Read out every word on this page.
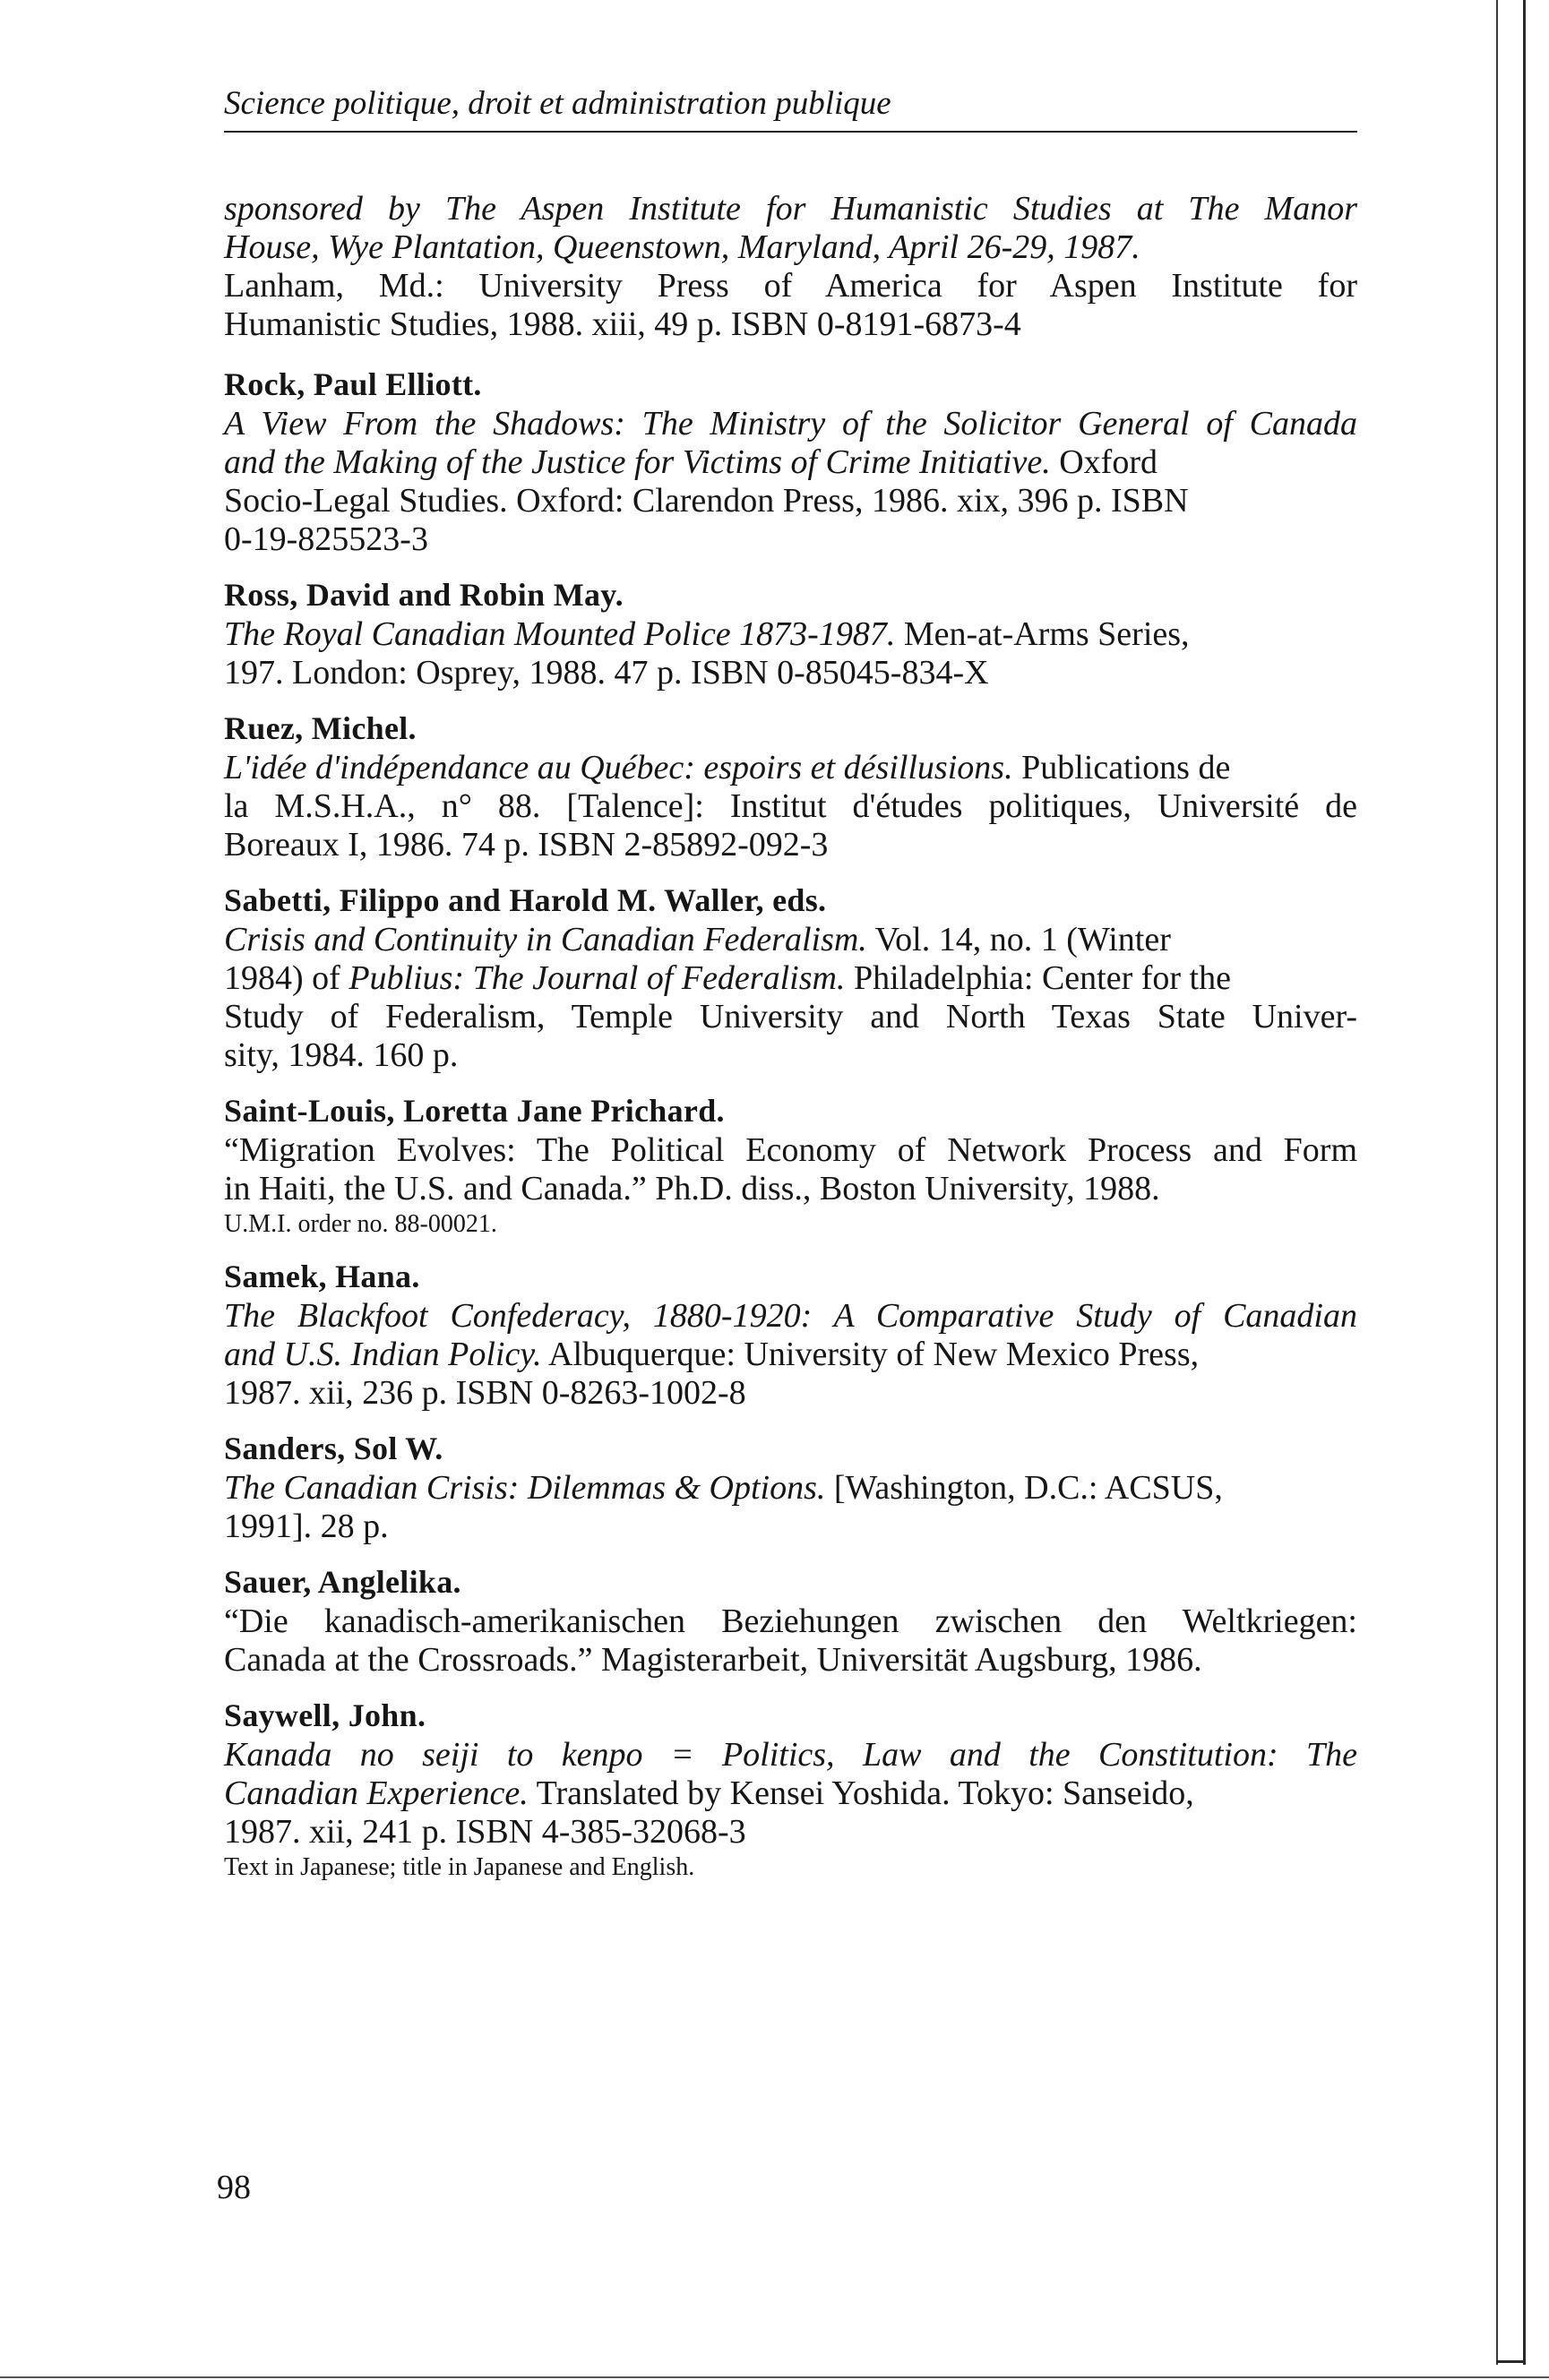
Science politique, droit et administration publique
sponsored by The Aspen Institute for Humanistic Studies at The Manor
House, Wye Plantation, Queenstown, Maryland, April 26-29, 1987.
Lanham, Md.: University Press of America for Aspen Institute for
Humanistic Studies, 1988. xiii, 49 p. ISBN 0-8191-6873-4
Rock, Paul Elliott.
A View From the Shadows: The Ministry of the Solicitor General of Canada
and the Making of the Justice for Victims of Crime Initiative. Oxford
Socio-Legal Studies. Oxford: Clarendon Press, 1986. xix, 396 p. ISBN
0-19-825523-3
Ross, David and Robin May.
The Royal Canadian Mounted Police 1873-1987. Men-at-Arms Series,
197. London: Osprey, 1988. 47 p. ISBN 0-85045-834-X
Ruez, Michel.
L'idée d'indépendance au Québec: espoirs et désillusions. Publications de
la M.S.H.A., n° 88. [Talence]: Institut d'études politiques, Université de
Boreaux I, 1986. 74 p. ISBN 2-85892-092-3
Sabetti, Filippo and Harold M. Waller, eds.
Crisis and Continuity in Canadian Federalism. Vol. 14, no. 1 (Winter
1984) of Publius: The Journal of Federalism. Philadelphia: Center for the
Study of Federalism, Temple University and North Texas State Univer-
sity, 1984. 160 p.
Saint-Louis, Loretta Jane Prichard.
“Migration Evolves: The Political Economy of Network Process and Form
in Haiti, the U.S. and Canada.” Ph.D. diss., Boston University, 1988.
U.M.I. order no. 88-00021.
Samek, Hana.
The Blackfoot Confederacy, 1880-1920: A Comparative Study of Canadian
and U.S. Indian Policy. Albuquerque: University of New Mexico Press,
1987. xii, 236 p. ISBN 0-8263-1002-8
Sanders, Sol W.
The Canadian Crisis: Dilemmas & Options. [Washington, D.C.: ACSUS,
1991]. 28 p.
Sauer, Anglelika.
“Die kanadisch-amerikanischen Beziehungen zwischen den Weltkriegen:
Canada at the Crossroads.” Magisterarbeit, Universität Augsburg, 1986.
Saywell, John.
Kanada no seiji to kenpo = Politics, Law and the Constitution: The
Canadian Experience. Translated by Kensei Yoshida. Tokyo: Sanseido,
1987. xii, 241 p. ISBN 4-385-32068-3
Text in Japanese; title in Japanese and English.
98
